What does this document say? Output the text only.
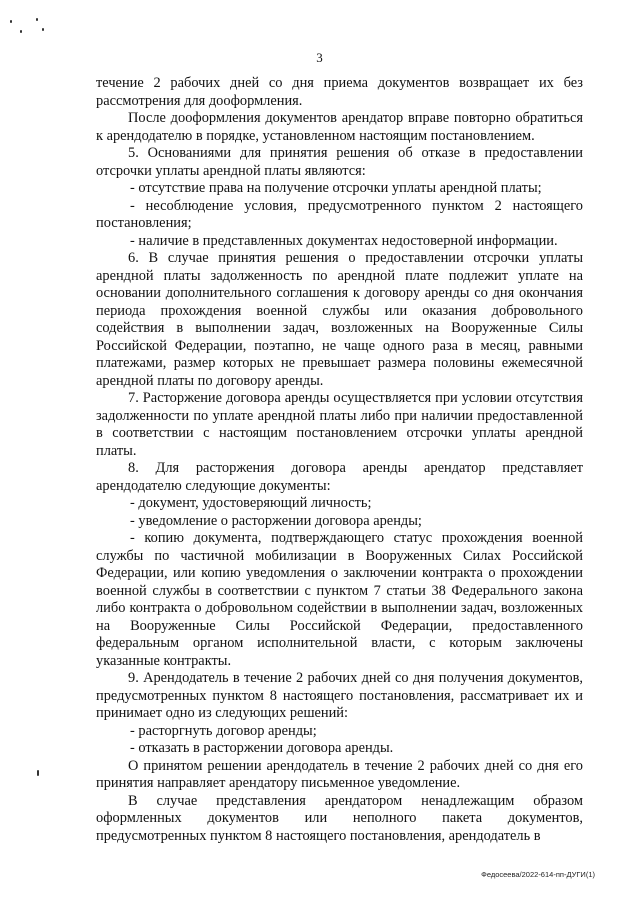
3

течение 2 рабочих дней со дня приема документов возвращает их без рассмотрения для дооформления.

После дооформления документов арендатор вправе повторно обратиться к арендодателю в порядке, установленном настоящим постановлением.

5. Основаниями для принятия решения об отказе в предоставлении отсрочки уплаты арендной платы являются:

- отсутствие права на получение отсрочки уплаты арендной платы;

- несоблюдение условия, предусмотренного пунктом 2 настоящего постановления;

- наличие в представленных документах недостоверной информации.

6. В случае принятия решения о предоставлении отсрочки уплаты арендной платы задолженность по арендной плате подлежит уплате на основании дополнительного соглашения к договору аренды со дня окончания периода прохождения военной службы или оказания добровольного содействия в выполнении задач, возложенных на Вооруженные Силы Российской Федерации, поэтапно, не чаще одного раза в месяц, равными платежами, размер которых не превышает размера половины ежемесячной арендной платы по договору аренды.

7. Расторжение договора аренды осуществляется при условии отсутствия задолженности по уплате арендной платы либо при наличии предоставленной в соответствии с настоящим постановлением отсрочки уплаты арендной платы.

8. Для расторжения договора аренды арендатор представляет арендодателю следующие документы:

- документ, удостоверяющий личность;

- уведомление о расторжении договора аренды;

- копию документа, подтверждающего статус прохождения военной службы по частичной мобилизации в Вооруженных Силах Российской Федерации, или копию уведомления о заключении контракта о прохождении военной службы в соответствии с пунктом 7 статьи 38 Федерального закона либо контракта о добровольном содействии в выполнении задач, возложенных на Вооруженные Силы Российской Федерации, предоставленного федеральным органом исполнительной власти, с которым заключены указанные контракты.

9. Арендодатель в течение 2 рабочих дней со дня получения документов, предусмотренных пунктом 8 настоящего постановления, рассматривает их и принимает одно из следующих решений:

- расторгнуть договор аренды;

- отказать в расторжении договора аренды.

О принятом решении арендодатель в течение 2 рабочих дней со дня его принятия направляет арендатору письменное уведомление.

В случае представления арендатором ненадлежащим образом оформленных документов или неполного пакета документов, предусмотренных пунктом 8 настоящего постановления, арендодатель в

Федосеева/2022-614-пп-ДУГИ(1)
